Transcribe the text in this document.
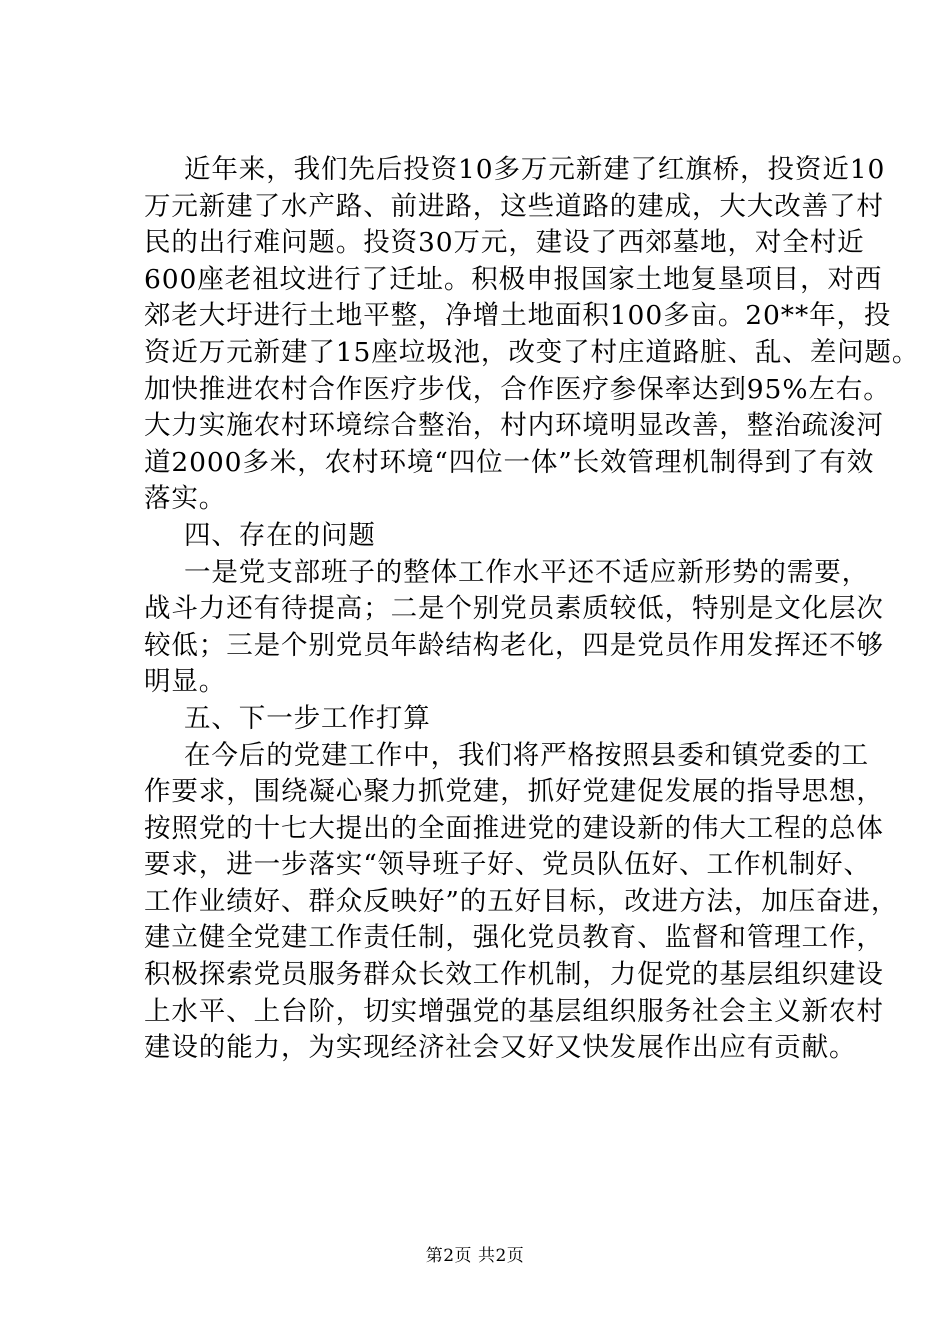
近年来，我们先后投资10多万元新建了红旗桥，投资近10
万元新建了水产路、前进路，这些道路的建成，大大改善了村
民的出行难问题。投资30万元，建设了西郊墓地，对全村近
600座老祖坟进行了迁址。积极申报国家土地复垦项目，对西
郊老大圩进行土地平整，净增土地面积100多亩。20**年，投
资近万元新建了15座垃圾池，改变了村庄道路脏、乱、差问题。
加快推进农村合作医疗步伐，合作医疗参保率达到95%左右。
大力实施农村环境综合整治，村内环境明显改善，整治疏浚河
道2000多米，农村环境“四位一体”长效管理机制得到了有效
落实。
四、存在的问题
一是党支部班子的整体工作水平还不适应新形势的需要，
战斗力还有待提高；二是个别党员素质较低，特别是文化层次
较低；三是个别党员年龄结构老化，四是党员作用发挥还不够
明显。
五、下一步工作打算
在今后的党建工作中，我们将严格按照县委和镇党委的工
作要求，围绕凝心聚力抓党建，抓好党建促发展的指导思想，
按照党的十七大提出的全面推进党的建设新的伟大工程的总体
要求，进一步落实“领导班子好、党员队伍好、工作机制好、
工作业绩好、群众反映好”的五好目标，改进方法，加压奋进，
建立健全党建工作责任制，强化党员教育、监督和管理工作，
积极探索党员服务群众长效工作机制，力促党的基层组织建设
上水平、上台阶，切实增强党的基层组织服务社会主义新农村
建设的能力，为实现经济社会又好又快发展作出应有贡献。
第2页 共2页
